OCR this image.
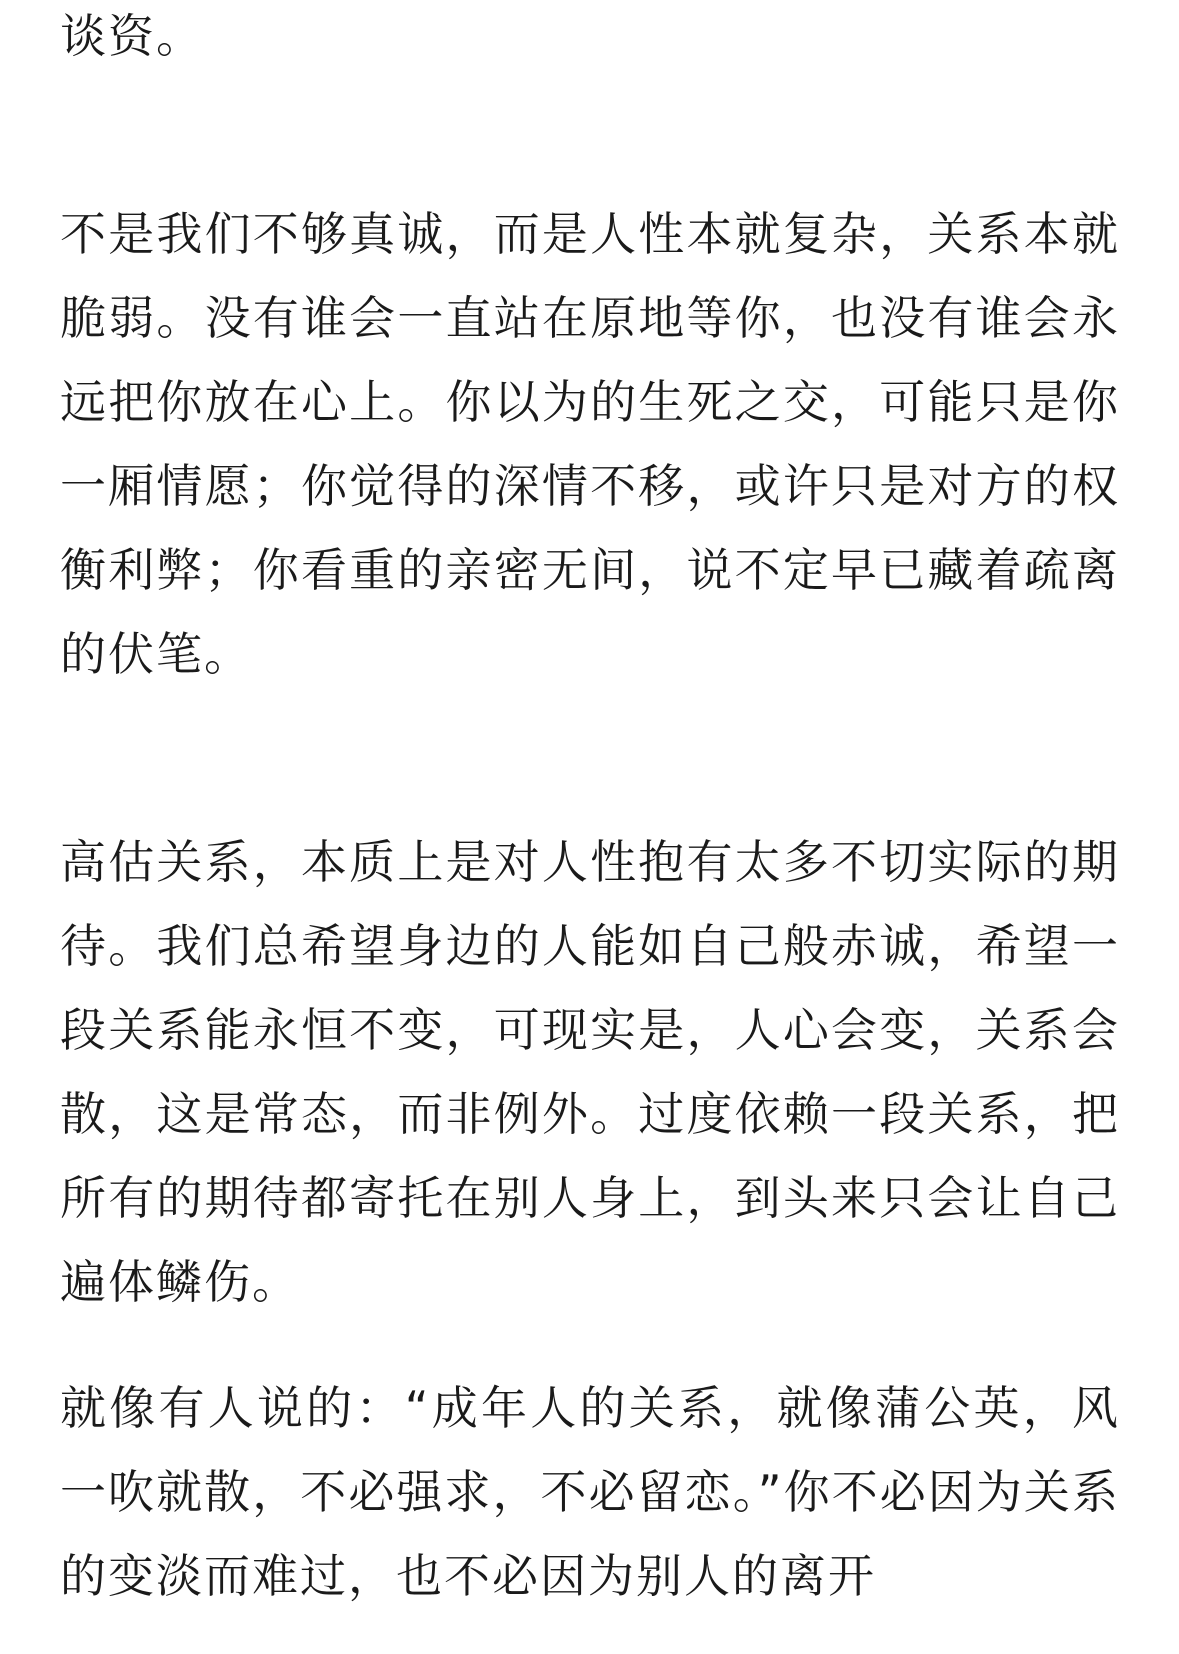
谈资。

不是我们不够真诚，而是人性本就复杂，关系本就脆弱。没有谁会一直站在原地等你，也没有谁会永远把你放在心上。你以为的生死之交，可能只是你一厢情愿；你觉得的深情不移，或许只是对方的权衡利弊；你看重的亲密无间，说不定早已藏着疏离的伏笔。

高估关系，本质上是对人性抱有太多不切实际的期待。我们总希望身边的人能如自己般赤诚，希望一段关系能永恒不变，可现实是，人心会变，关系会散，这是常态，而非例外。过度依赖一段关系，把所有的期待都寄托在别人身上，到头来只会让自己遍体鳞伤。

就像有人说的：“成年人的关系，就像蒲公英，风一吹就散，不必强求，不必留恋。”你不必因为关系的变淡而难过，也不必因为别人的离开
